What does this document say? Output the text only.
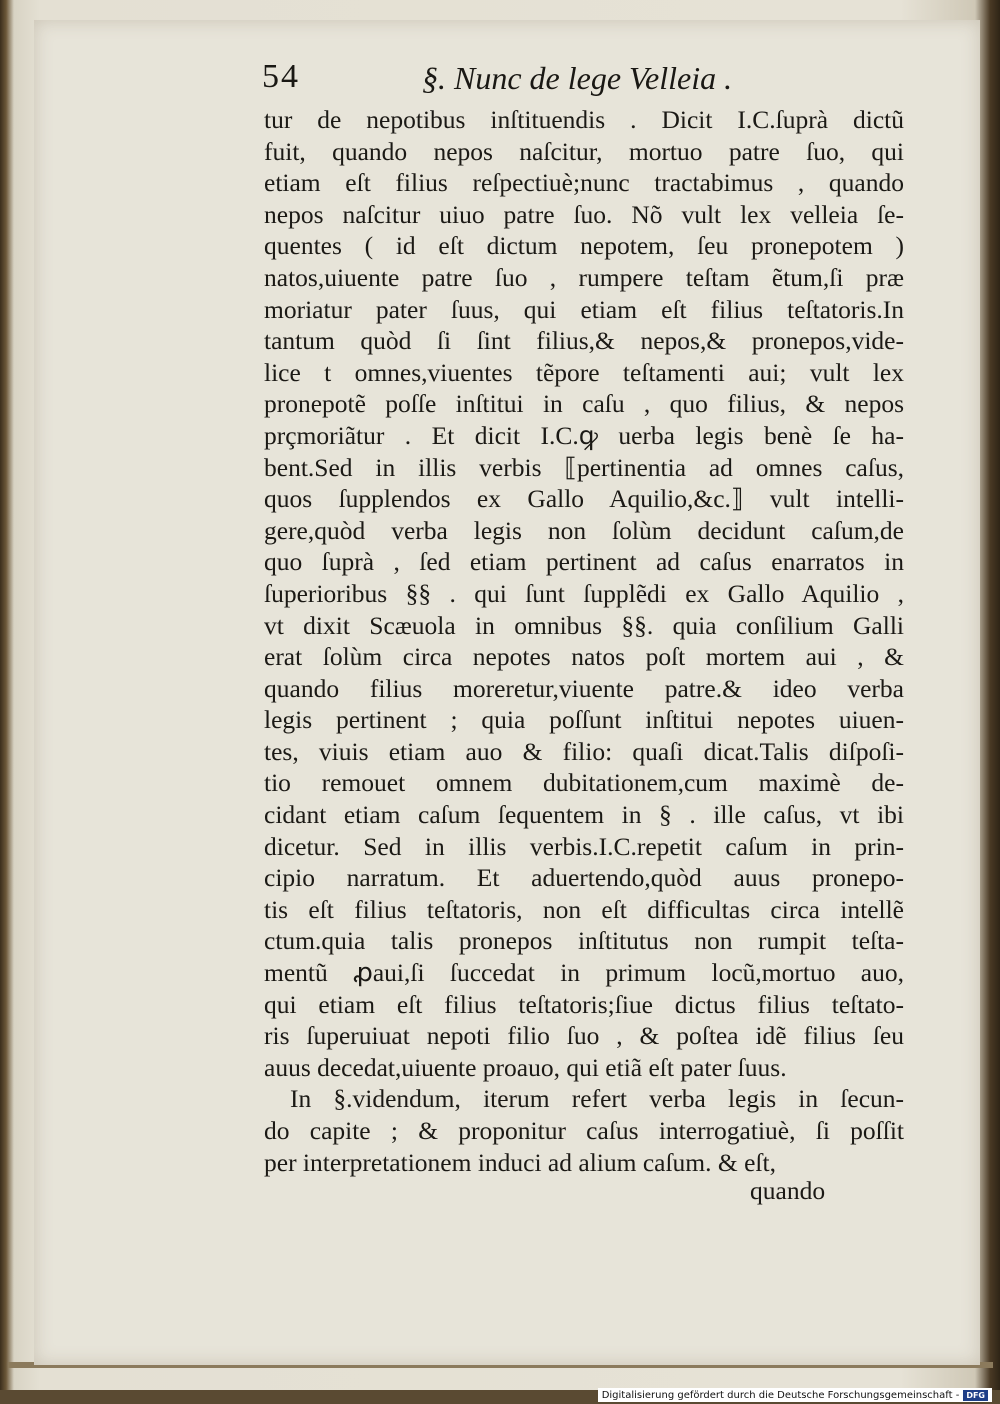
54	§. Nunc de lege Velleia .
tur de nepotibus inſtituendis . Dicit I.C.ſuprà dictũ
fuit, quando nepos naſcitur, mortuo patre ſuo, qui
etiam eſt filius reſpectiuè;nunc tractabimus , quando
nepos naſcitur uiuo patre ſuo. Nõ vult lex velleia ſe-
quentes ( id eſt dictum nepotem, ſeu pronepotem )
natos,uiuente patre ſuo , rumpere teſtam ẽtum,ſi præ
moriatur pater ſuus, qui etiam eſt filius teſtatoris.In
tantum quòd ſi ſint filius,& nepos,& pronepos,vide-
lice t omnes,viuentes tẽpore teſtamenti aui; vult lex
pronepotẽ poſſe inſtitui in caſu , quo filius, & nepos
prçmoriãtur . Et dicit I.C.ꝙ uerba legis benè ſe ha-
bent.Sed in illis verbis ⟦pertinentia ad omnes caſus,
quos ſupplendos ex Gallo Aquilio,&c.⟧ vult intelli-
gere,quòd verba legis non ſolùm decidunt caſum,de
quo ſuprà , ſed etiam pertinent ad caſus enarratos in
ſuperioribus §§ . qui ſunt ſupplẽdi ex Gallo Aquilio ,
vt dixit Scæuola in omnibus §§. quia conſilium Galli
erat ſolùm circa nepotes natos poſt mortem aui , &
quando filius moreretur,viuente patre.& ideo verba
legis pertinent ; quia poſſunt inſtitui nepotes uiuen-
tes, viuis etiam auo & filio: quaſi dicat.Talis diſpoſi-
tio remouet omnem dubitationem,cum maximè de-
cidant etiam caſum ſequentem in § . ille caſus, vt ibi
dicetur. Sed in illis verbis.I.C.repetit caſum in prin-
cipio narratum. Et aduertendo,quòd auus pronepo-
tis eſt filius teſtatoris, non eſt difficultas circa intellẽ
ctum.quia talis pronepos inſtitutus non rumpit teſta-
mentũ ꝓaui,ſi ſuccedat in primum locũ,mortuo auo,
qui etiam eſt filius teſtatoris;ſiue dictus filius teſtato-
ris ſuperuiuat nepoti filio ſuo , & poſtea idẽ filius ſeu
auus decedat,uiuente proauo, qui etiã eſt pater ſuus.
In §.videndum, iterum refert verba legis in ſecun-
do capite ; & proponitur caſus interrogatiuè, ſi poſſit
per interpretationem induci ad alium caſum. & eſt,
quando
Digitalisierung gefördert durch die Deutsche Forschungsgemeinschaft - DFG
